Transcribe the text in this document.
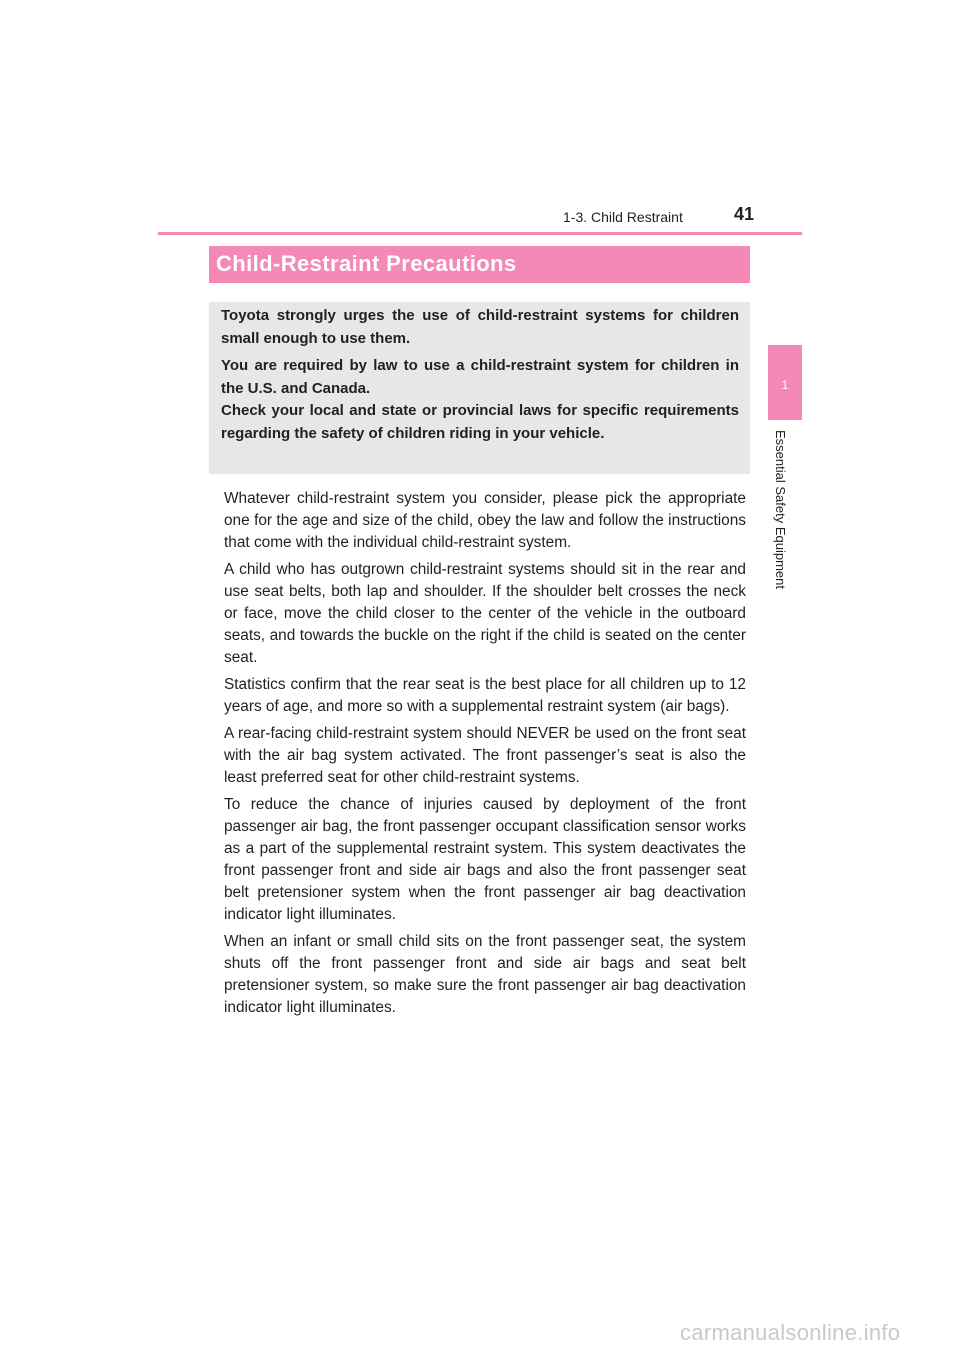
1-3. Child Restraint	41
1
Essential Safety Equipment
Child-Restraint Precautions

Toyota strongly urges the use of child-restraint systems for children small enough to use them.

You are required by law to use a child-restraint system for children in the U.S. and Canada.

Check your local and state or provincial laws for specific requirements regarding the safety of children riding in your vehicle.

Whatever child-restraint system you consider, please pick the appropriate one for the age and size of the child, obey the law and follow the instructions that come with the individual child-restraint system.

A child who has outgrown child-restraint systems should sit in the rear and use seat belts, both lap and shoulder. If the shoulder belt crosses the neck or face, move the child closer to the center of the vehicle in the outboard seats, and towards the buckle on the right if the child is seated on the center seat.

Statistics confirm that the rear seat is the best place for all children up to 12 years of age, and more so with a supplemental restraint system (air bags).

A rear-facing child-restraint system should NEVER be used on the front seat with the air bag system activated. The front passenger’s seat is also the least preferred seat for other child-restraint systems.

To reduce the chance of injuries caused by deployment of the front passenger air bag, the front passenger occupant classification sensor works as a part of the supplemental restraint system. This system deactivates the front passenger front and side air bags and also the front passenger seat belt pretensioner system when the front passenger air bag deactivation indicator light illuminates.

When an infant or small child sits on the front passenger seat, the system shuts off the front passenger front and side air bags and seat belt pretensioner system, so make sure the front passenger air bag deactivation indicator light illuminates.

carmanualsonline.info
